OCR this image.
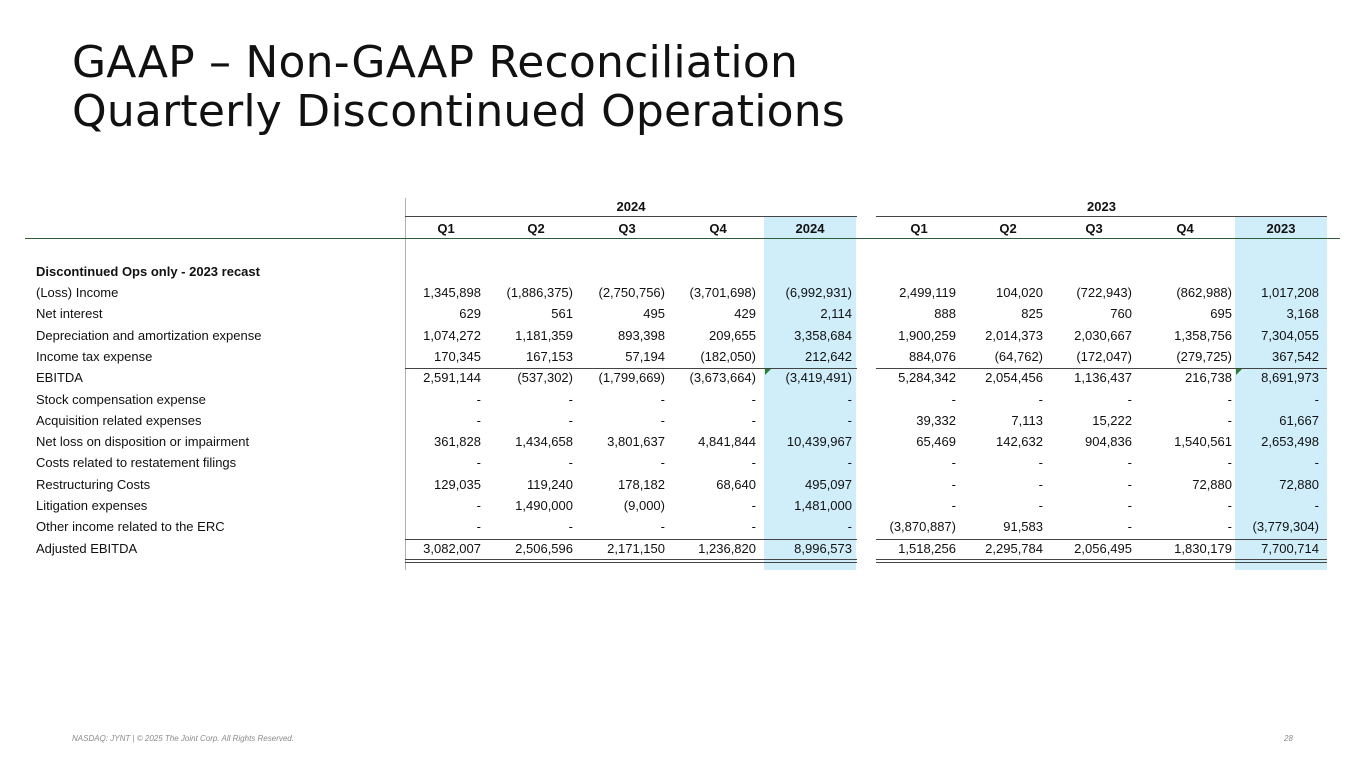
GAAP – Non-GAAP Reconciliation
Quarterly Discontinued Operations
2024	2023
Q1	Q2	Q3	Q4	2024	Q1	Q2	Q3	Q4	2023
Discontinued Ops only - 2023 recast
(Loss) Income	1,345,898	(1,886,375)	(2,750,756)	(3,701,698)	(6,992,931)	2,499,119	104,020	(722,943)	(862,988)	1,017,208
Net interest	629	561	495	429	2,114	888	825	760	695	3,168
Depreciation and amortization expense	1,074,272	1,181,359	893,398	209,655	3,358,684	1,900,259	2,014,373	2,030,667	1,358,756	7,304,055
Income tax expense	170,345	167,153	57,194	(182,050)	212,642	884,076	(64,762)	(172,047)	(279,725)	367,542
EBITDA	2,591,144	(537,302)	(1,799,669)	(3,673,664)	(3,419,491)	5,284,342	2,054,456	1,136,437	216,738	8,691,973
Stock compensation expense	-	-	-	-	-	-	-	-	-	-
Acquisition related expenses	-	-	-	-	-	39,332	7,113	15,222	-	61,667
Net loss on disposition or impairment	361,828	1,434,658	3,801,637	4,841,844	10,439,967	65,469	142,632	904,836	1,540,561	2,653,498
Costs related to restatement filings	-	-	-	-	-	-	-	-	-	-
Restructuring Costs	129,035	119,240	178,182	68,640	495,097	-	-	-	72,880	72,880
Litigation expenses	-	1,490,000	(9,000)	-	1,481,000	-	-	-	-	-
Other income related to the ERC	-	-	-	-	-	(3,870,887)	91,583	-	-	(3,779,304)
Adjusted EBITDA	3,082,007	2,506,596	2,171,150	1,236,820	8,996,573	1,518,256	2,295,784	2,056,495	1,830,179	7,700,714
NASDAQ: JYNT | © 2025 The Joint Corp. All Rights Reserved.	28
